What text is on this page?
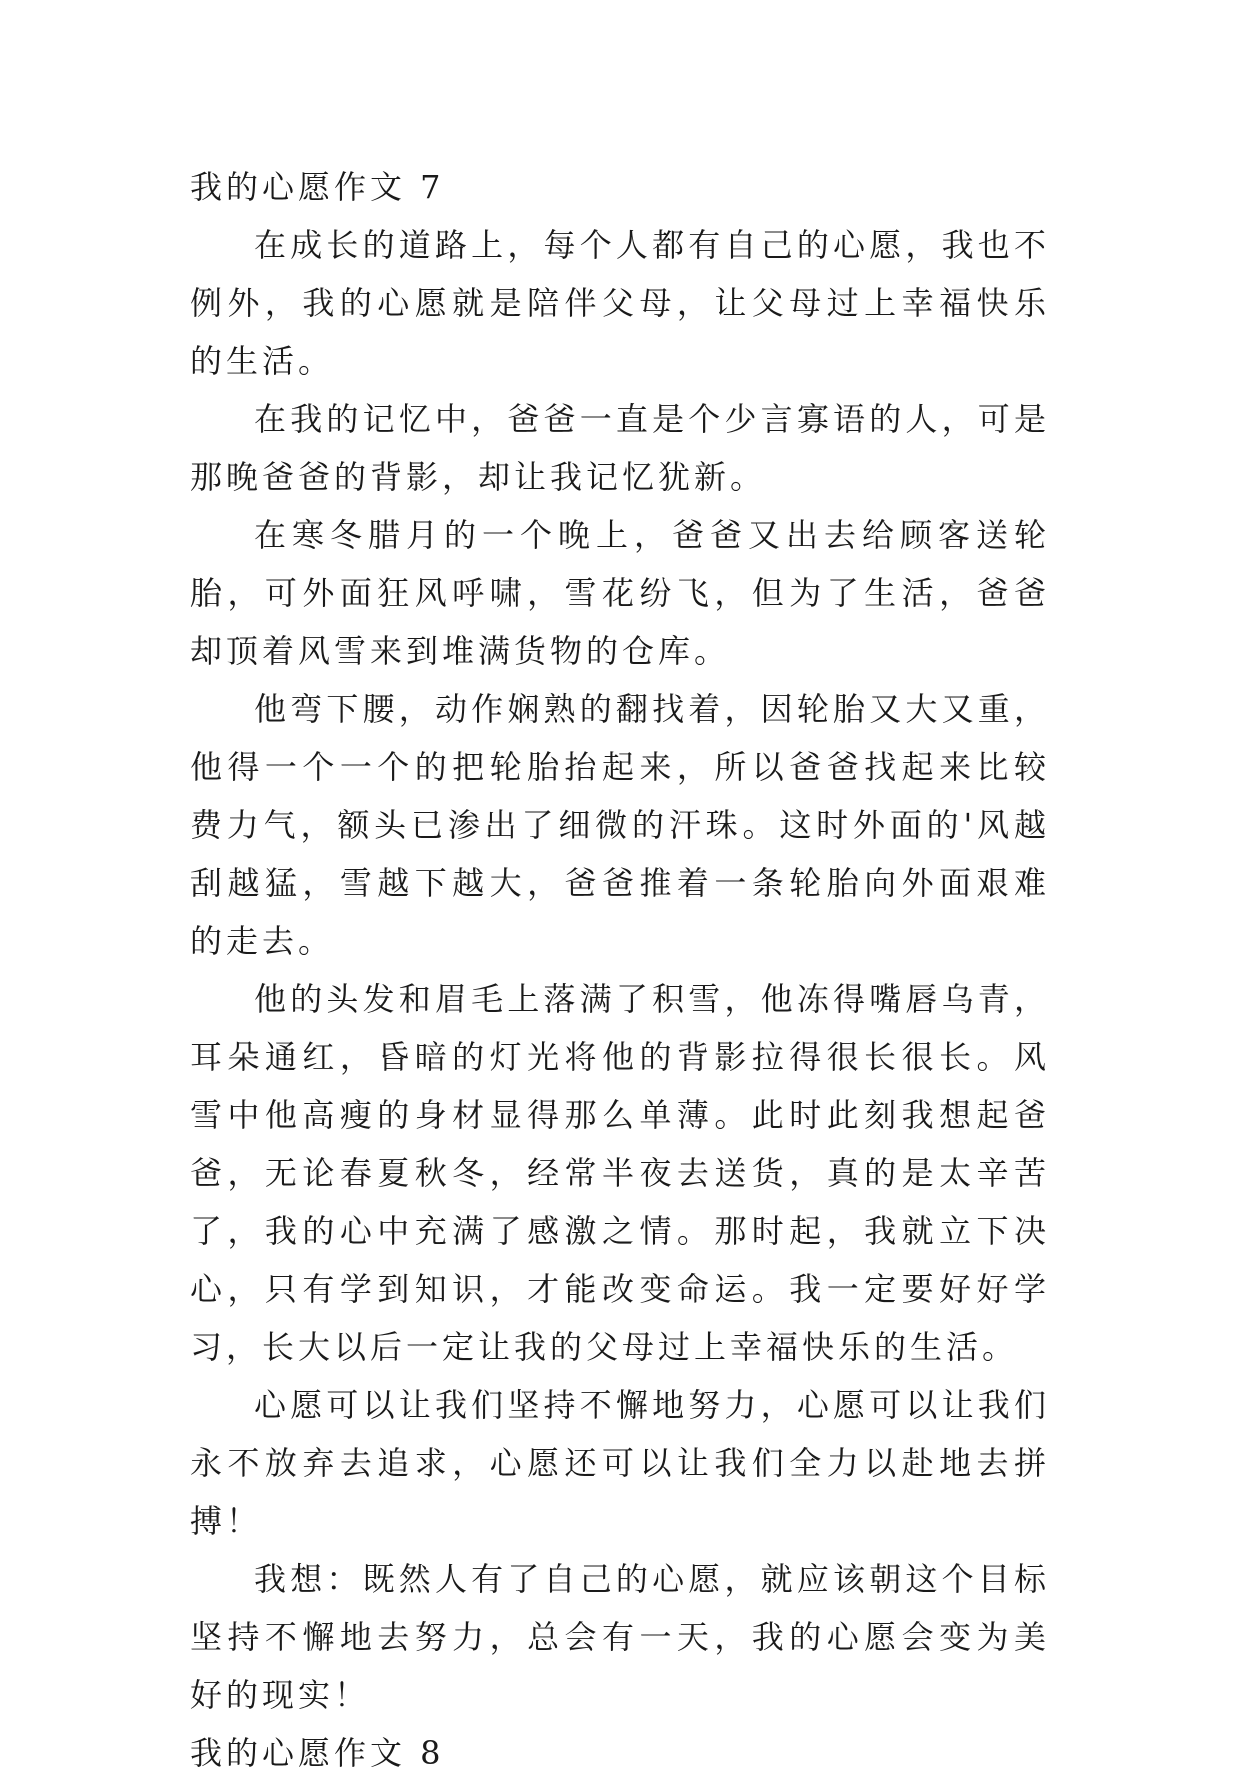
我的心愿作文 7

在成长的道路上，每个人都有自己的心愿，我也不例外，我的心愿就是陪伴父母，让父母过上幸福快乐的生活。

在我的记忆中，爸爸一直是个少言寡语的人，可是那晚爸爸的背影，却让我记忆犹新。

在寒冬腊月的一个晚上，爸爸又出去给顾客送轮胎，可外面狂风呼啸，雪花纷飞，但为了生活，爸爸却顶着风雪来到堆满货物的仓库。

他弯下腰，动作娴熟的翻找着，因轮胎又大又重，他得一个一个的把轮胎抬起来，所以爸爸找起来比较费力气，额头已渗出了细微的汗珠。这时外面的'风越刮越猛，雪越下越大，爸爸推着一条轮胎向外面艰难的走去。

他的头发和眉毛上落满了积雪，他冻得嘴唇乌青，耳朵通红，昏暗的灯光将他的背影拉得很长很长。风雪中他高瘦的身材显得那么单薄。此时此刻我想起爸爸，无论春夏秋冬，经常半夜去送货，真的是太辛苦了，我的心中充满了感激之情。那时起，我就立下决心，只有学到知识，才能改变命运。我一定要好好学习，长大以后一定让我的父母过上幸福快乐的生活。

心愿可以让我们坚持不懈地努力，心愿可以让我们永不放弃去追求，心愿还可以让我们全力以赴地去拼搏！

我想：既然人有了自己的心愿，就应该朝这个目标坚持不懈地去努力，总会有一天，我的心愿会变为美好的现实！

我的心愿作文 8
